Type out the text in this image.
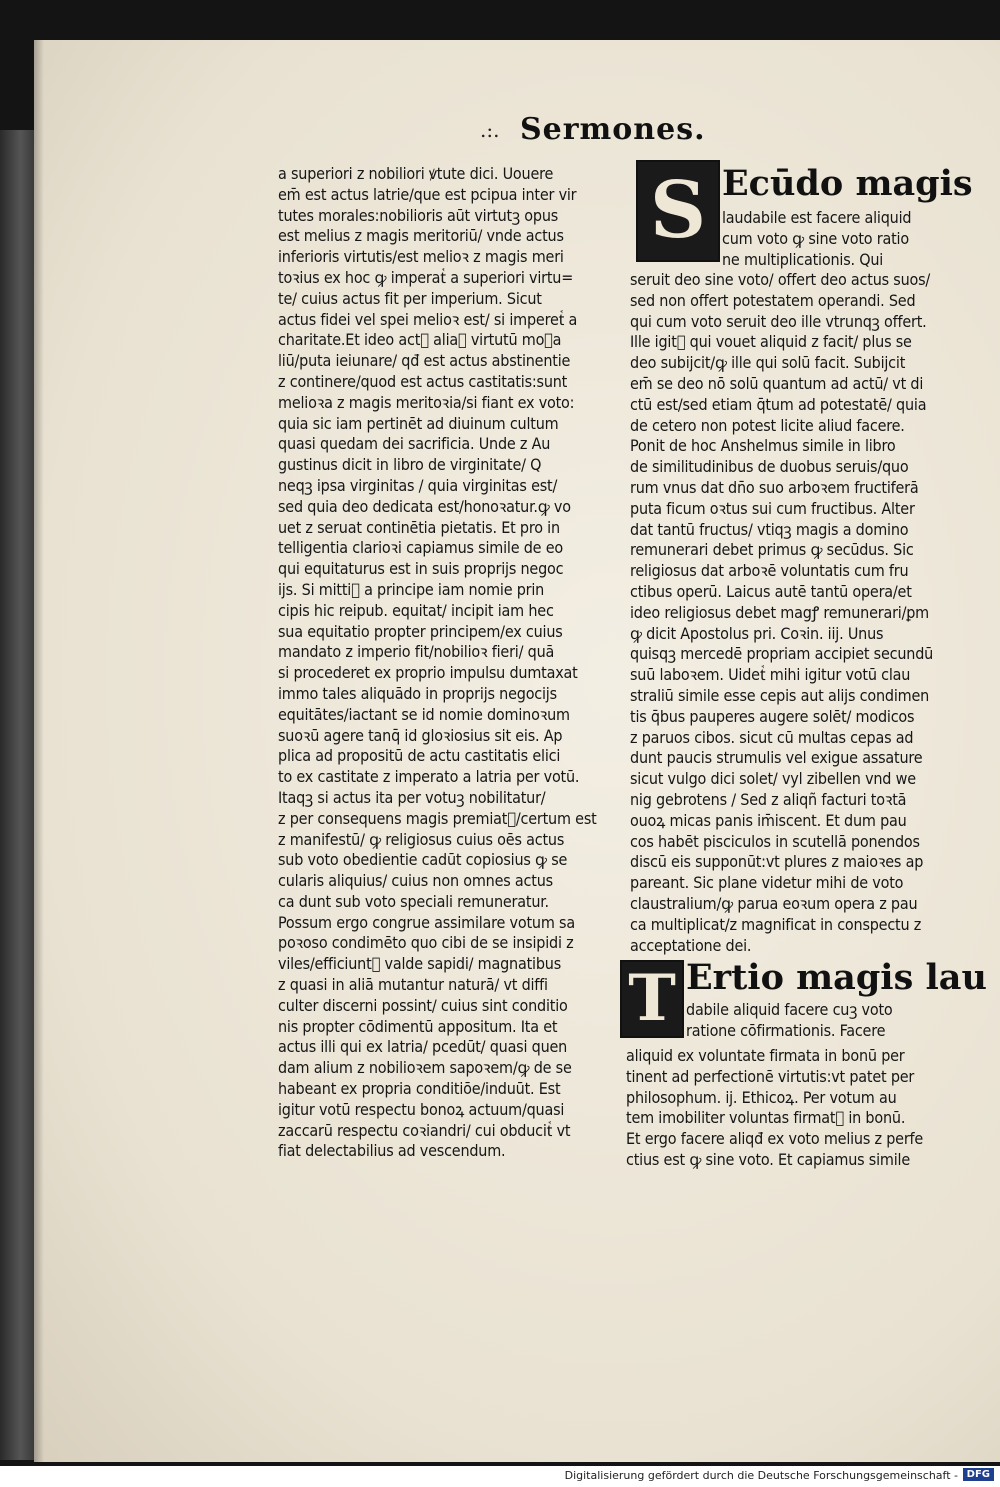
.:. Sermones.
a superiori z nobiliori ꝟtute dici. Uouere
em̄ est actus latrie/que est pcipua inter vir
tutes morales:nobilioris aūt virtutꝫ opus
est melius z magis meritoriū/ vnde actus
inferioris virtutis/est melioꝛ z magis meri
toꝛius ex hoc ꝙ imperatᷣ a superiori virtu=
te/ cuius actus fit per imperium. Sicut
actus fidei vel spei melioꝛ est/ si imperetᷣ a
charitate.Et ideo actᷣ aliaꝝ virtutū moꝛa
liū/puta ieiunare/ qđ est actus abstinentie
z continere/quod est actus castitatis:sunt
melioꝛa z magis meritoꝛia/si fiant ex voto:
quia sic iam pertinēt ad diuinum cultum
quasi quedam dei sacrificia. Unde z Au
gustinus dicit in libro de virginitate/ Q
neqꝫ ipsa virginitas / quia virginitas est/
sed quia deo dedicata est/honoꝛatur.ꝙ vo
uet z seruat continētia pietatis. Et pro in
telligentia clarioꝛi capiamus simile de eo
qui equitaturus est in suis proprijs negoc
ijs. Si mittiᷣ a principe iam nomie prin
cipis hic reipub. equitat/ incipit iam hec
sua equitatio propter principem/ex cuius
mandato z imperio fit/nobilioꝛ fieri/ quā
si procederet ex proprio impulsu dumtaxat
immo tales aliquādo in proprijs negocijs
equitātes/iactant se id nomie dominoꝛum
suoꝛū agere tanq̄ id gloꝛiosius sit eis. Ap
plica ad propositū de actu castitatis elici
to ex castitate z imperato a latria per votū.
Itaqꝫ si actus ita per votuꝫ nobilitatur/
z per consequens magis premiatᷣ/certum est
z manifestū/ ꝙ religiosus cuius oēs actus
sub voto obedientie cadūt copiosius ꝙ se
cularis aliquius/ cuius non omnes actus
ca dunt sub voto speciali remuneratur.
Possum ergo congrue assimilare votum sa
poꝛoso condimēto quo cibi de se insipidi z
viles/efficiuntᷣ valde sapidi/ magnatibus
z quasi in aliā mutantur naturā/ vt diffi
culter discerni possint/ cuius sint conditio
nis propter cōdimentū appositum. Ita et
actus illi qui ex latria/ pcedūt/ quasi quen
dam alium z nobilioꝛem sapoꝛem/ꝙ de se
habeant ex propria conditiōe/induūt. Est
igitur votū respectu bonoꝝ actuum/quasi
zaccarū respectu coꝛiandri/ cui obducitᷣ vt
fiat delectabilius ad vescendum.
S Ecūdo magis
laudabile est facere aliquid
cum voto ꝙ sine voto ratio
ne multiplicationis. Qui
seruit deo sine voto/ offert deo actus suos/
sed non offert potestatem operandi. Sed
qui cum voto seruit deo ille vtrunqꝫ offert.
Ille igitᷣ qui vouet aliquid z facit/ plus se
deo subijcit/ꝙ ille qui solū facit. Subijcit
em̄ se deo nō solū quantum ad actū/ vt di
ctū est/sed etiam q̄tum ad potestatē/ quia
de cetero non potest licite aliud facere.
Ponit de hoc Anshelmus simile in libro
de similitudinibus de duobus seruis/quo
rum vnus dat dn̄o suo arboꝛem fructiferā
puta ficum oꝛtus sui cum fructibus. Alter
dat tantū fructus/ vtiqꝫ magis a domino
remunerari debet primus ꝙ secūdus. Sic
religiosus dat arboꝛē voluntatis cum fru
ctibus operū. Laicus autē tantū opera/et
ideo religiosus debet magꝭ remunerari/ꝑm
ꝙ dicit Apostolus pri. Coꝛin. iij. Unus
quisqꝫ mercedē propriam accipiet secundū
suū laboꝛem. Uidetᷣ mihi igitur votū clau
straliū simile esse cepis aut alijs condimen
tis q̄bus pauperes augere solēt/ modicos
z paruos cibos. sicut cū multas cepas ad
dunt paucis strumulis vel exigue assature
sicut vulgo dici solet/ vyl zibellen vnd we
nig gebrotens / Sed z aliqñ facturi toꝛtā
ouoꝝ micas panis im̄iscent. Et dum pau
cos habēt pisciculos in scutellā ponendos
discū eis supponūt:vt plures z maioꝛes ap
pareant. Sic plane videtur mihi de voto
claustralium/ꝙ parua eoꝛum opera z pau
ca multiplicat/z magnificat in conspectu z
acceptatione dei.
T Ertio magis lau
dabile aliquid facere cuꝫ voto
ratione cōfirmationis. Facere
aliquid ex voluntate firmata in bonū per
tinent ad perfectionē virtutis:vt patet per
philosophum. ij. Ethicoꝝ. Per votum au
tem imobiliter voluntas firmatᷣ in bonū.
Et ergo facere aliqđ ex voto melius z perfe
ctius est ꝙ sine voto. Et capiamus simile
Digitalisierung gefördert durch die Deutsche Forschungsgemeinschaft - DFG
